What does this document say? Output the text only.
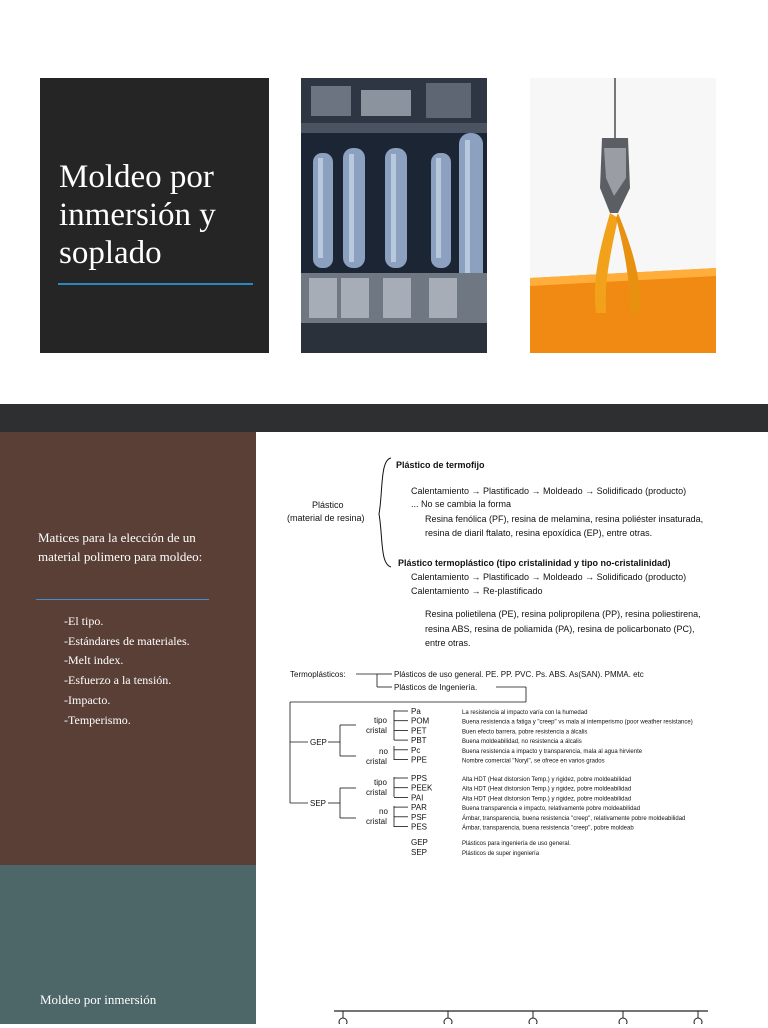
Moldeo por inmersión y soplado
Matices para la elección de un material polimero para moldeo:
-El tipo.
-Estándares de materiales.
-Melt index.
-Esfuerzo a la tensión.
-Impacto.
-Temperismo.
Plástico
(material de resina)
Plástico de termofijo
Calentamiento → Plastificado → Moldeado → Solidificado (producto)
... No se cambia la forma
Resina fenólica (PF), resina de melamina, resina poliéster insaturada,
resina de diaril ftalato, resina epoxídica (EP), entre otras.
Plástico termoplástico (tipo cristalinidad y tipo no-cristalinidad)
Calentamiento → Plastificado → Moldeado → Solidificado (producto)
Calentamiento → Re-plastificado
Resina polietilena (PE), resina polipropilena (PP), resina poliestirena,
resina ABS, resina de poliamida (PA), resina de policarbonato (PC),
entre otras.
Termoplásticos:	Plásticos de uso general. PE. PP. PVC. Ps. ABS. As(SAN). PMMA. etc
Plásticos de Ingeniería.
GEP
tipo cristal
no cristal
SEP
tipo cristal
no cristal
Pa	La resistencia al impacto varía con la humedad
POM	Buena resistencia a fatiga y "creep" vs mala al intemperismo (poor weather resistance)
PET	Buen efecto barrera, pobre resistencia a álcalis
PBT	Buena moldeabilidad, no resistencia a álcalis
Pc	Buena resistencia a impacto y transparencia, mala al agua hirviente
PPE	Nombre comercial "Noryl", se ofrece en varios grados
PPS	Alta HDT (Heat distorsion Temp.) y rigidez, pobre moldeabilidad
PEEK	Alta HDT (Heat distorsion Temp.) y rigidez, pobre moldeabilidad
PAI	Alta HDT (Heat distorsion Temp.) y rigidez, pobre moldeabilidad
PAR	Buena transparencia e impacto, relativamente pobre moldeabilidad
PSF	Ámbar, transparencia, buena resistencia "creep", relativamente pobre moldeabilidad
PES	Ámbar, transparencia, buena resistencia "creep", pobre moldeab
GEP	Plásticos para ingeniería de uso general.
SEP	Plásticos de super ingeniería
Moldeo por inmersión
